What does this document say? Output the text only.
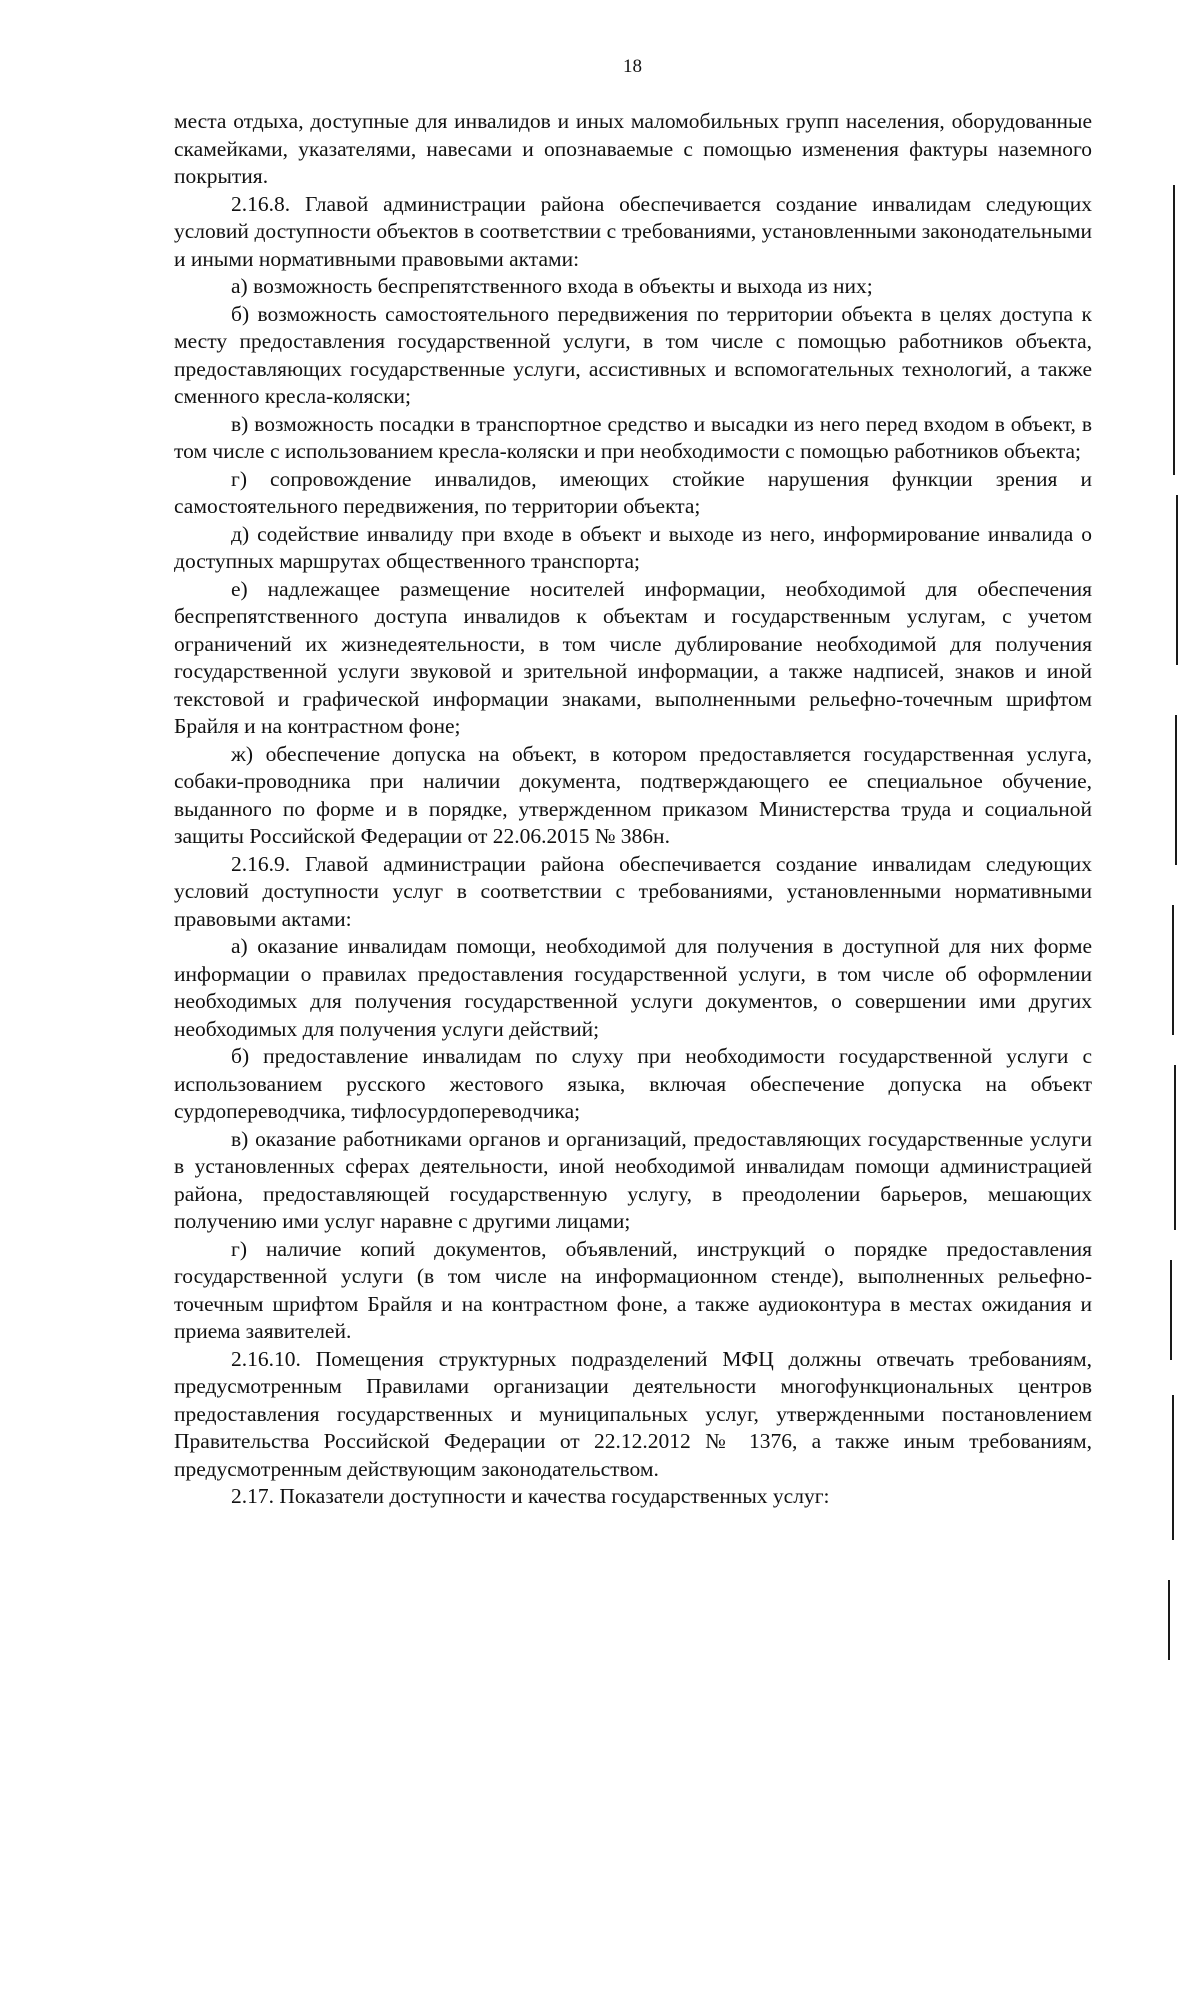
18

места отдыха, доступные для инвалидов и иных маломобильных групп населения, оборудованные скамейками, указателями, навесами и опознаваемые с помощью изменения фактуры наземного покрытия.

2.16.8. Главой администрации района обеспечивается создание инвалидам следующих условий доступности объектов в соответствии с требованиями, установленными законодательными и иными нормативными правовыми актами:

а) возможность беспрепятственного входа в объекты и выхода из них;

б) возможность самостоятельного передвижения по территории объекта в целях доступа к месту предоставления государственной услуги, в том числе с помощью работников объекта, предоставляющих государственные услуги, ассистивных и вспомогательных технологий, а также сменного кресла-коляски;

в) возможность посадки в транспортное средство и высадки из него перед входом в объект, в том числе с использованием кресла-коляски и при необходимости с помощью работников объекта;

г) сопровождение инвалидов, имеющих стойкие нарушения функции зрения и самостоятельного передвижения, по территории объекта;

д) содействие инвалиду при входе в объект и выходе из него, информирование инвалида о доступных маршрутах общественного транспорта;

е) надлежащее размещение носителей информации, необходимой для обеспечения беспрепятственного доступа инвалидов к объектам и государственным услугам, с учетом ограничений их жизнедеятельности, в том числе дублирование необходимой для получения государственной услуги звуковой и зрительной информации, а также надписей, знаков и иной текстовой и графической информации знаками, выполненными рельефно-точечным шрифтом Брайля и на контрастном фоне;

ж) обеспечение допуска на объект, в котором предоставляется государственная услуга, собаки-проводника при наличии документа, подтверждающего ее специальное обучение, выданного по форме и в порядке, утвержденном приказом Министерства труда и социальной защиты Российской Федерации от 22.06.2015 № 386н.

2.16.9. Главой администрации района обеспечивается создание инвалидам следующих условий доступности услуг в соответствии с требованиями, установленными нормативными правовыми актами:

а) оказание инвалидам помощи, необходимой для получения в доступной для них форме информации о правилах предоставления государственной услуги, в том числе об оформлении необходимых для получения государственной услуги документов, о совершении ими других необходимых для получения услуги действий;

б) предоставление инвалидам по слуху при необходимости государственной услуги с использованием русского жестового языка, включая обеспечение допуска на объект сурдопереводчика, тифлосурдопереводчика;

в) оказание работниками органов и организаций, предоставляющих государственные услуги в установленных сферах деятельности, иной необходимой инвалидам помощи администрацией района, предоставляющей государственную услугу, в преодолении барьеров, мешающих получению ими услуг наравне с другими лицами;

г) наличие копий документов, объявлений, инструкций о порядке предоставления государственной услуги (в том числе на информационном стенде), выполненных рельефно-точечным шрифтом Брайля и на контрастном фоне, а также аудиоконтура в местах ожидания и приема заявителей.

2.16.10. Помещения структурных подразделений МФЦ должны отвечать требованиям, предусмотренным Правилами организации деятельности многофункциональных центров предоставления государственных и муниципальных услуг, утвержденными постановлением Правительства Российской Федерации от 22.12.2012 № 1376, а также иным требованиям, предусмотренным действующим законодательством.

2.17. Показатели доступности и качества государственных услуг:
